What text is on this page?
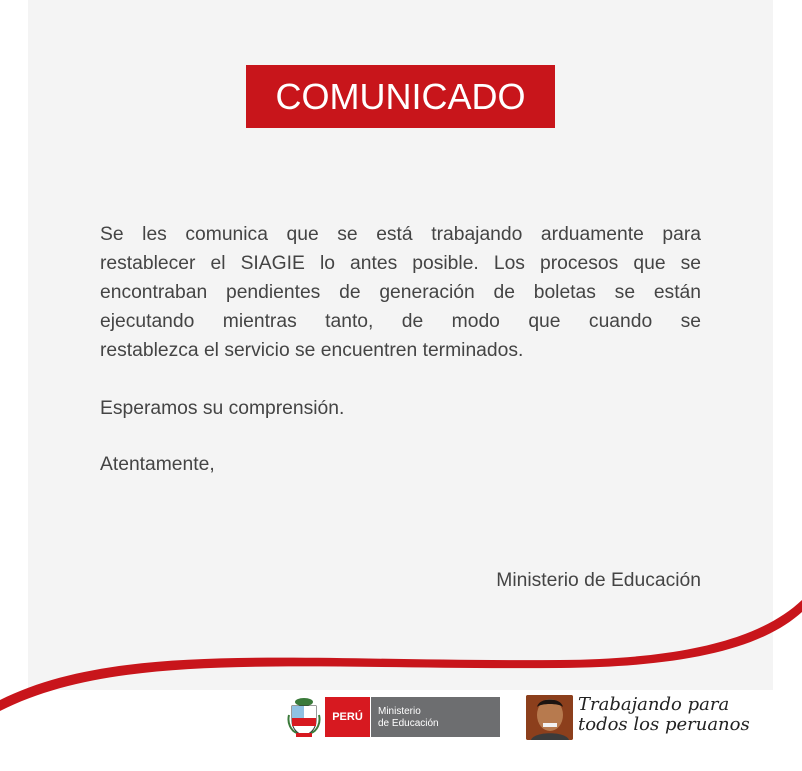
COMUNICADO

Se les comunica que se está trabajando arduamente para
restablecer el SIAGIE lo antes posible. Los procesos que se
encontraban pendientes de generación de boletas se están
ejecutando mientras tanto, de modo que cuando se
restablezca el servicio se encuentren terminados.

Esperamos su comprensión.
Atentamente,
Ministerio de Educación
PERÚ	Ministerio
de Educación
Trabajando para
todos los peruanos
